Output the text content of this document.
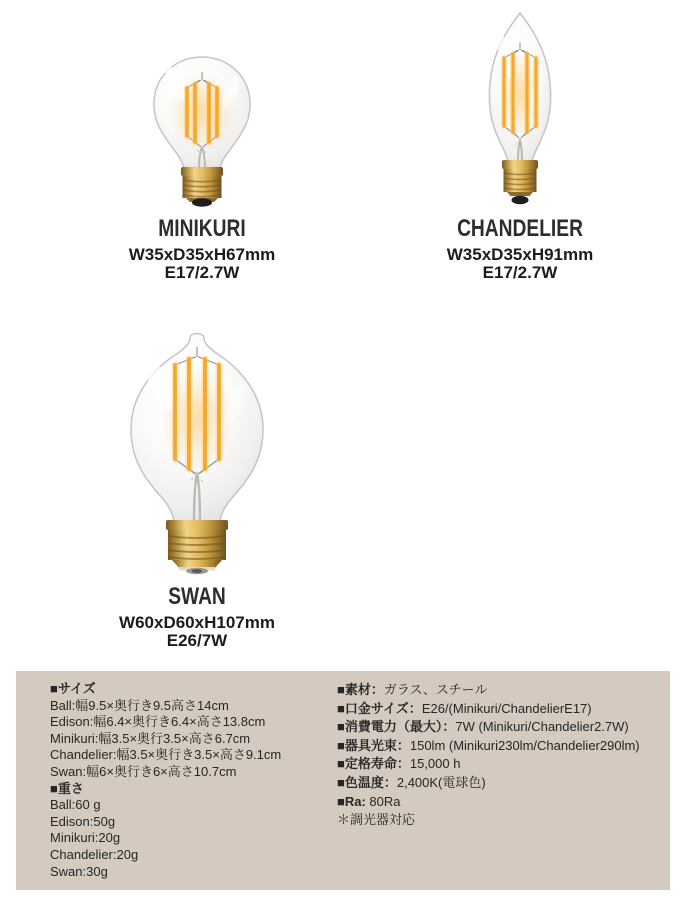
MINIKURI
W35xD35xH67mm
E17/2.7W
CHANDELIER
W35xD35xH91mm
E17/2.7W
SWAN
W60xD60xH107mm
E26/7W
■サイズ
Ball:幅9.5×奥行き9.5高さ14cm
Edison:幅6.4×奥行き6.4×高さ13.8cm
Minikuri:幅3.5×奥行3.5×高さ6.7cm
Chandelier:幅3.5×奥行き3.5×高さ9.1cm
Swan:幅6×奥行き6×高さ10.7cm
■重さ
Ball:60 g
Edison:50g
Minikuri:20g
Chandelier:20g
Swan:30g
■素材：ガラス、スチール
■口金サイズ：E26/(Minikuri/ChandelierE17)
■消費電力（最大）：7W (Minikuri/Chandelier2.7W)
■器具光束：150lm (Minikuri230lm/Chandelier290lm)
■定格寿命：15,000 h
■色温度：2,400K(電球色)
■Ra: 80Ra
＊調光器対応
